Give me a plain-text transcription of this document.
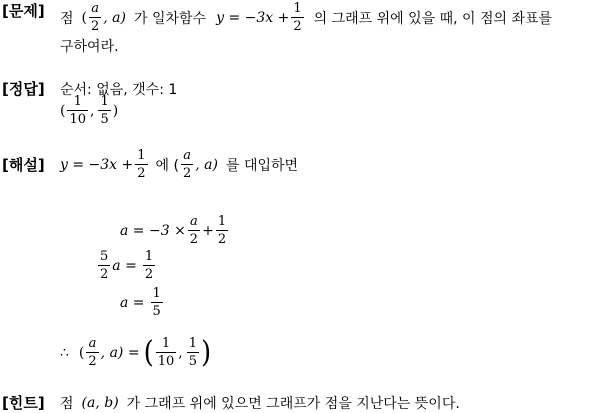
[문제] 점 ( $\frac{a}{2}$ , a) 가 일차함수 $y = -3x + \frac{1}{2}$ 의 그래프 위에 있을 때, 이 점의 좌표를
구하여라.
[정답] 순서: 없음, 갯수: 1
( $\frac{1}{10}$ , $\frac{1}{5}$ )
[해설] $y = -3x + \frac{1}{2}$ 에 ( $\frac{a}{2}$ , a) 를 대입하면
$a = -3 \times \frac{a}{2} + \frac{1}{2}$
$\frac{5}{2}$ $a = \frac{1}{2}$
$a = \frac{1}{5}$
∴ ( $\frac{a}{2}$ , a) = ( $\frac{1}{10}$ , $\frac{1}{5}$ )
[힌트] 점 (a, b) 가 그래프 위에 있으면 그래프가 점을 지난다는 뜻이다.
